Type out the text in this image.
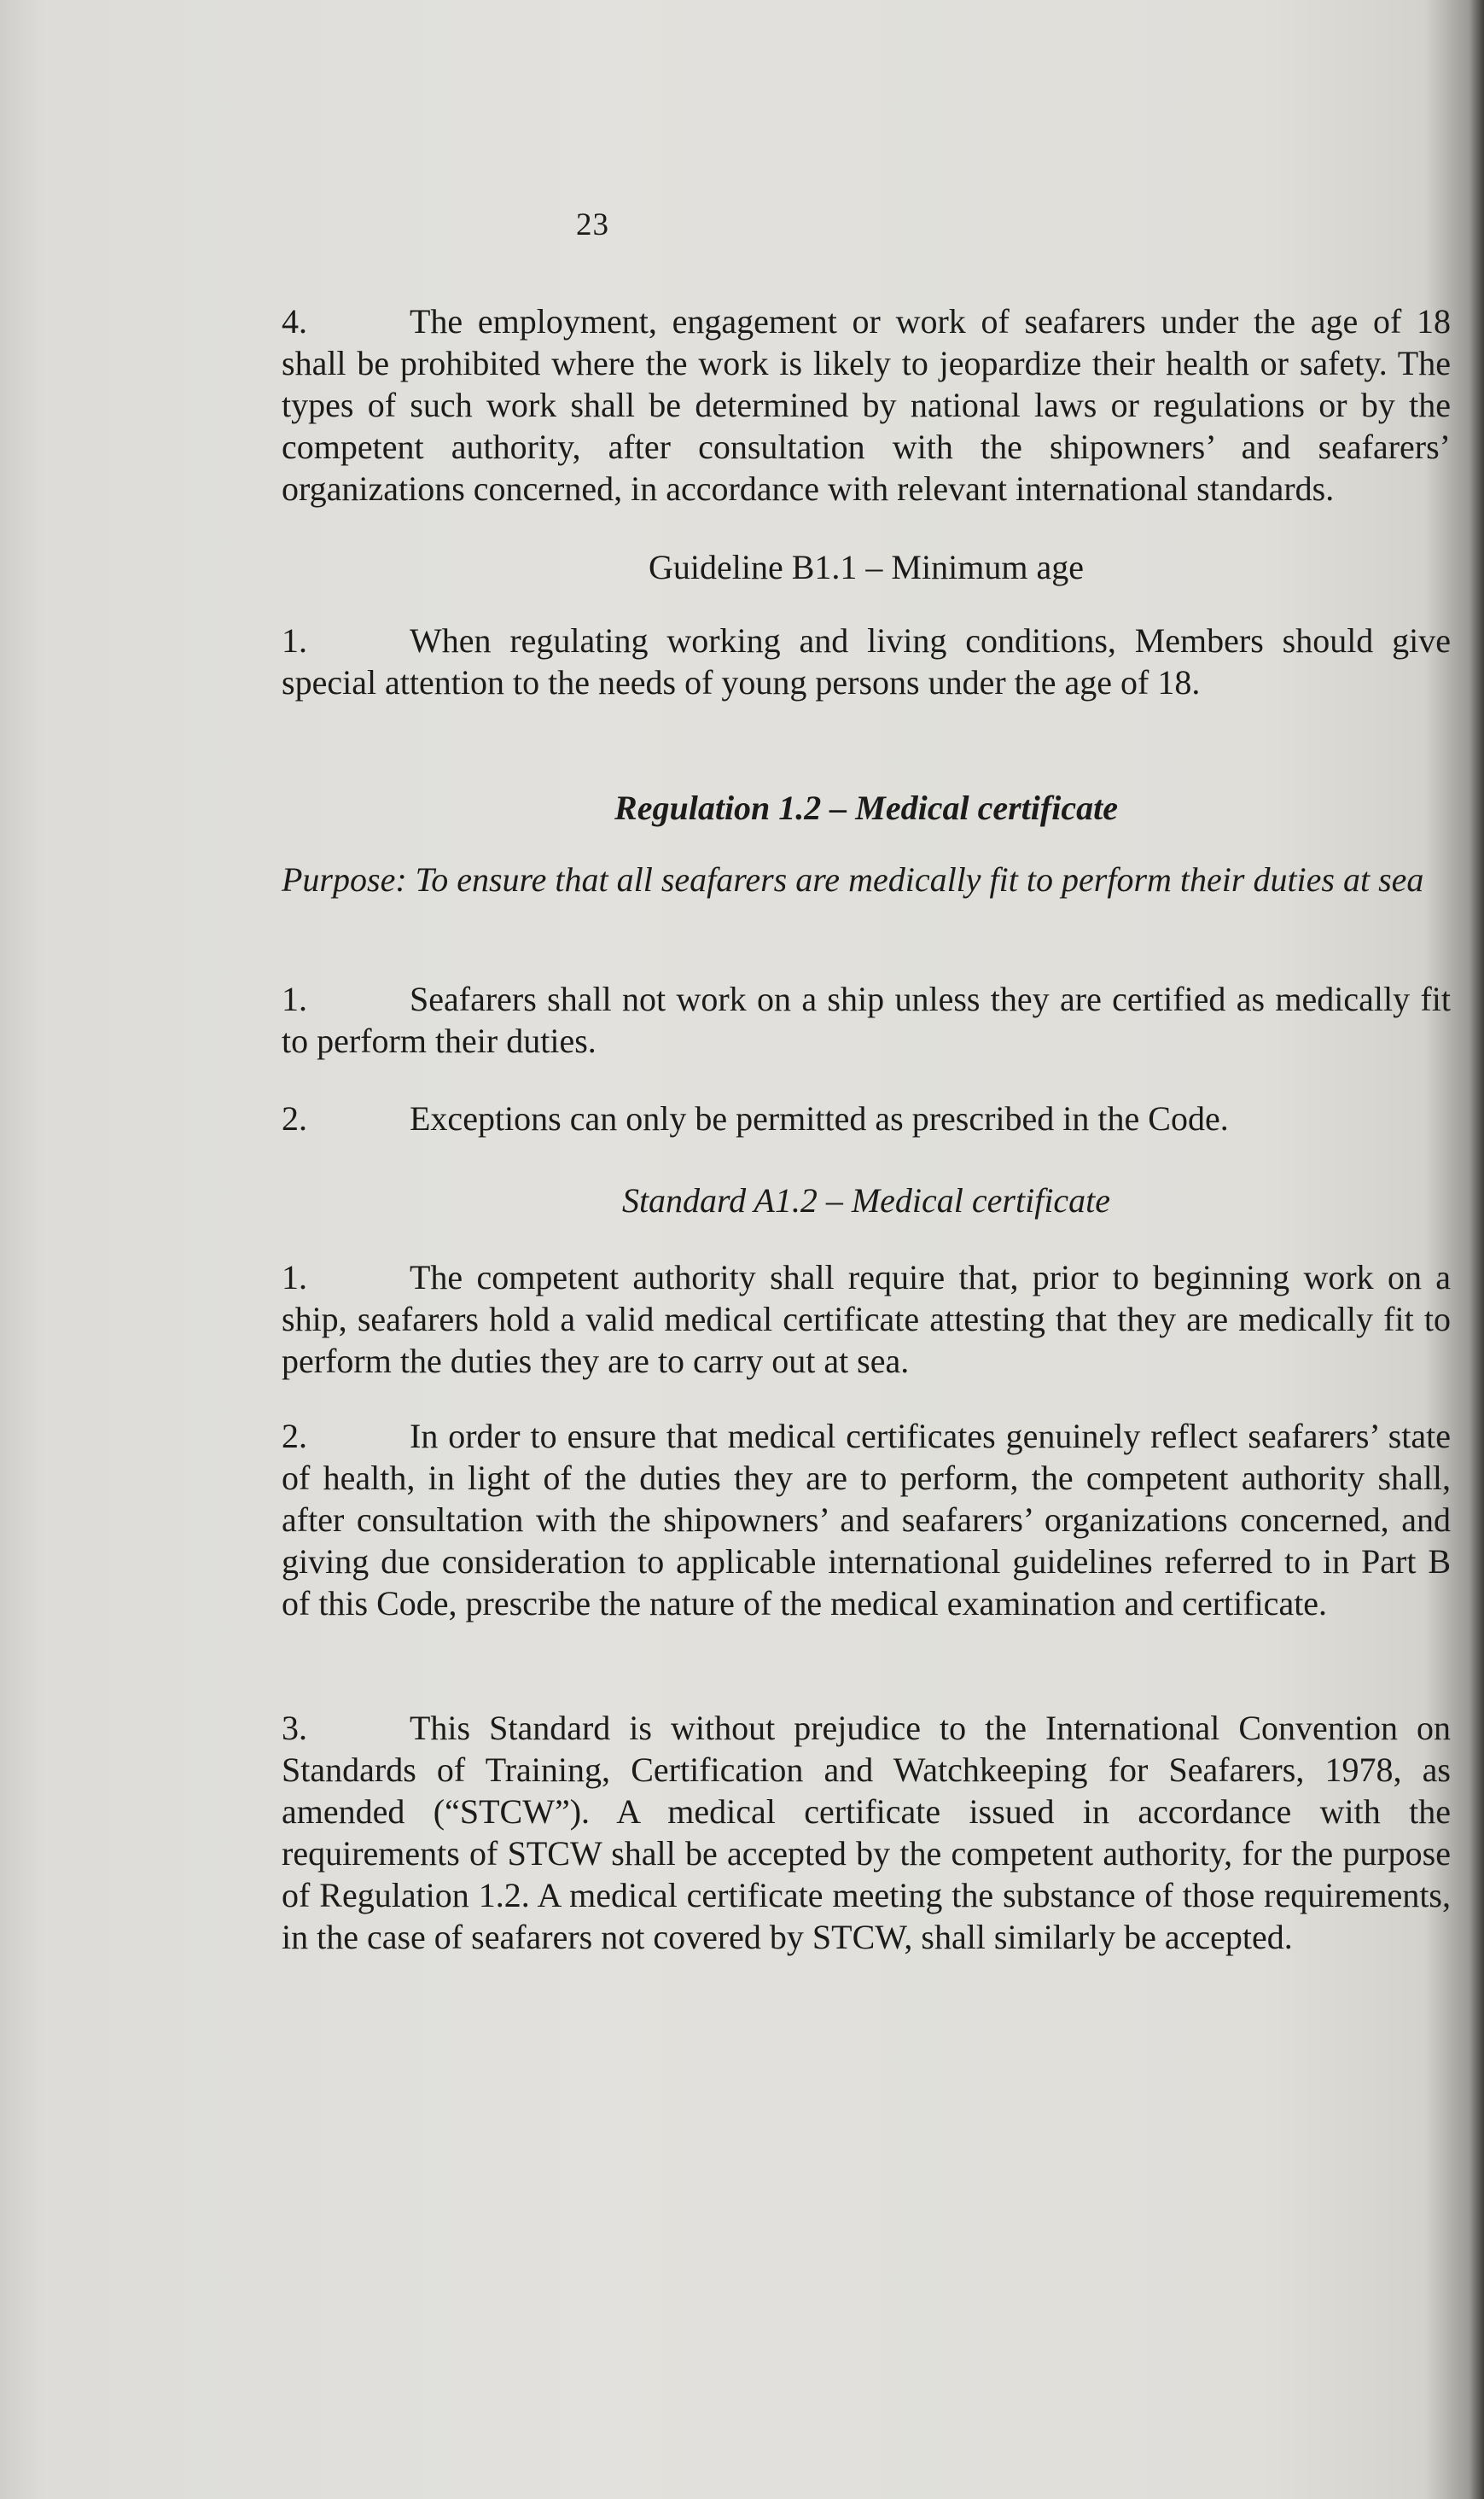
23
4.	The employment, engagement or work of seafarers under the age of 18 shall be prohibited where the work is likely to jeopardize their health or safety. The types of such work shall be determined by national laws or regulations or by the competent authority, after consultation with the shipowners’ and seafarers’ organizations concerned, in accordance with relevant international standards.
Guideline B1.1 – Minimum age
1.	When regulating working and living conditions, Members should give special attention to the needs of young persons under the age of 18.
Regulation 1.2 – Medical certificate
Purpose: To ensure that all seafarers are medically fit to perform their duties at sea
1.	Seafarers shall not work on a ship unless they are certified as medically fit to perform their duties.
2.	Exceptions can only be permitted as prescribed in the Code.
Standard A1.2 – Medical certificate
1.	The competent authority shall require that, prior to beginning work on a ship, seafarers hold a valid medical certificate attesting that they are medically fit to perform the duties they are to carry out at sea.
2.	In order to ensure that medical certificates genuinely reflect seafarers’ state of health, in light of the duties they are to perform, the competent authority shall, after consultation with the shipowners’ and seafarers’ organizations concerned, and giving due consideration to applicable international guidelines referred to in Part B of this Code, prescribe the nature of the medical examination and certificate.
3.	This Standard is without prejudice to the International Convention on Standards of Training, Certification and Watchkeeping for Seafarers, 1978, as amended (“STCW”). A medical certificate issued in accordance with the requirements of STCW shall be accepted by the competent authority, for the purpose of Regulation 1.2. A medical certificate meeting the substance of those requirements, in the case of seafarers not covered by STCW, shall similarly be accepted.
